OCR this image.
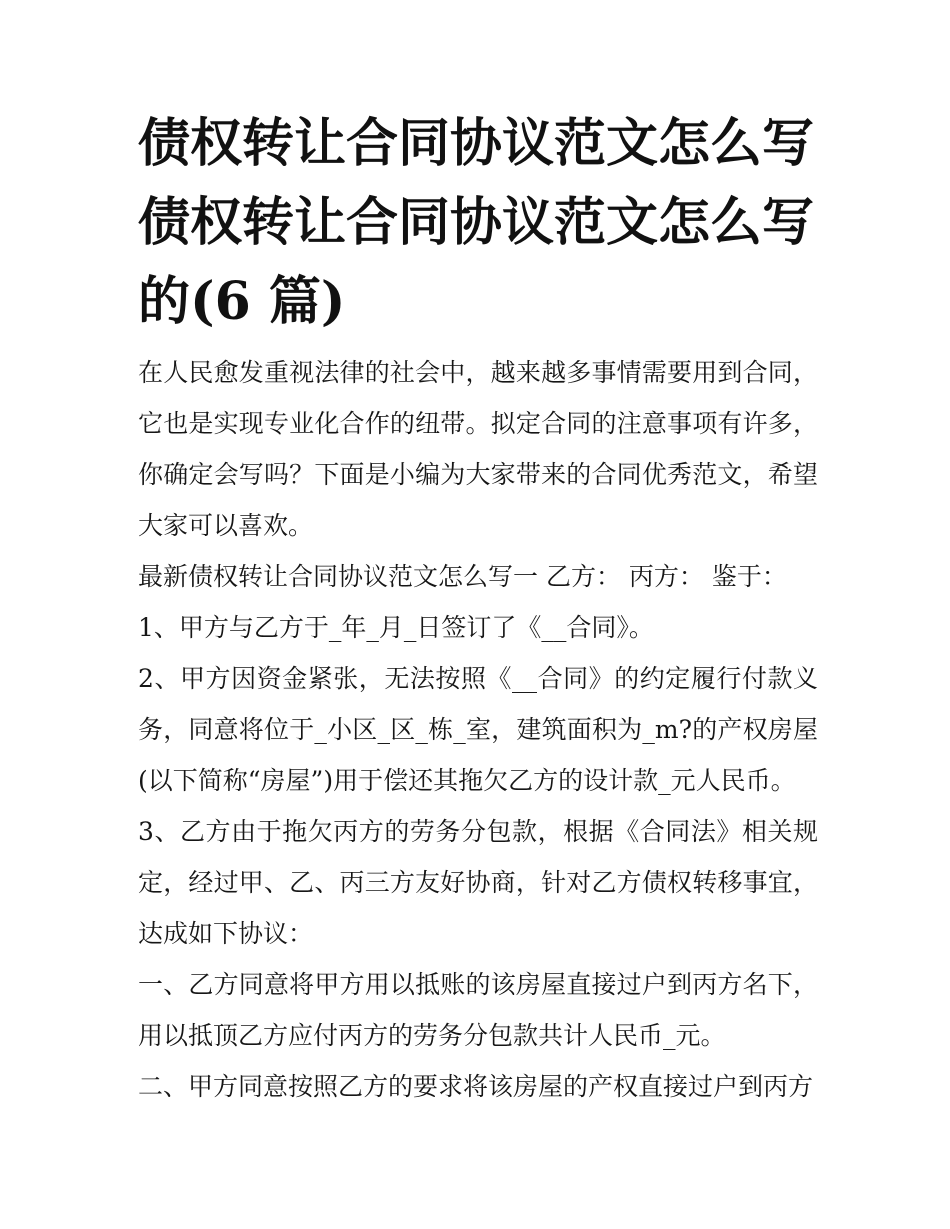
债权转让合同协议范文怎么写
债权转让合同协议范文怎么写
的(6 篇)
在人民愈发重视法律的社会中，越来越多事情需要用到合同，
它也是实现专业化合作的纽带。拟定合同的注意事项有许多，
你确定会写吗？下面是小编为大家带来的合同优秀范文，希望
大家可以喜欢。
最新债权转让合同协议范文怎么写一 乙方： 丙方： 鉴于：
1、甲方与乙方于_年_月_日签订了《__合同》。
2、甲方因资金紧张，无法按照《__合同》的约定履行付款义
务，同意将位于_小区_区_栋_室，建筑面积为_m?的产权房屋
(以下简称“房屋”)用于偿还其拖欠乙方的设计款_元人民币。
3、乙方由于拖欠丙方的劳务分包款，根据《合同法》相关规
定，经过甲、乙、丙三方友好协商，针对乙方债权转移事宜，
达成如下协议：
一、乙方同意将甲方用以抵账的该房屋直接过户到丙方名下，
用以抵顶乙方应付丙方的劳务分包款共计人民币_元。
二、甲方同意按照乙方的要求将该房屋的产权直接过户到丙方
